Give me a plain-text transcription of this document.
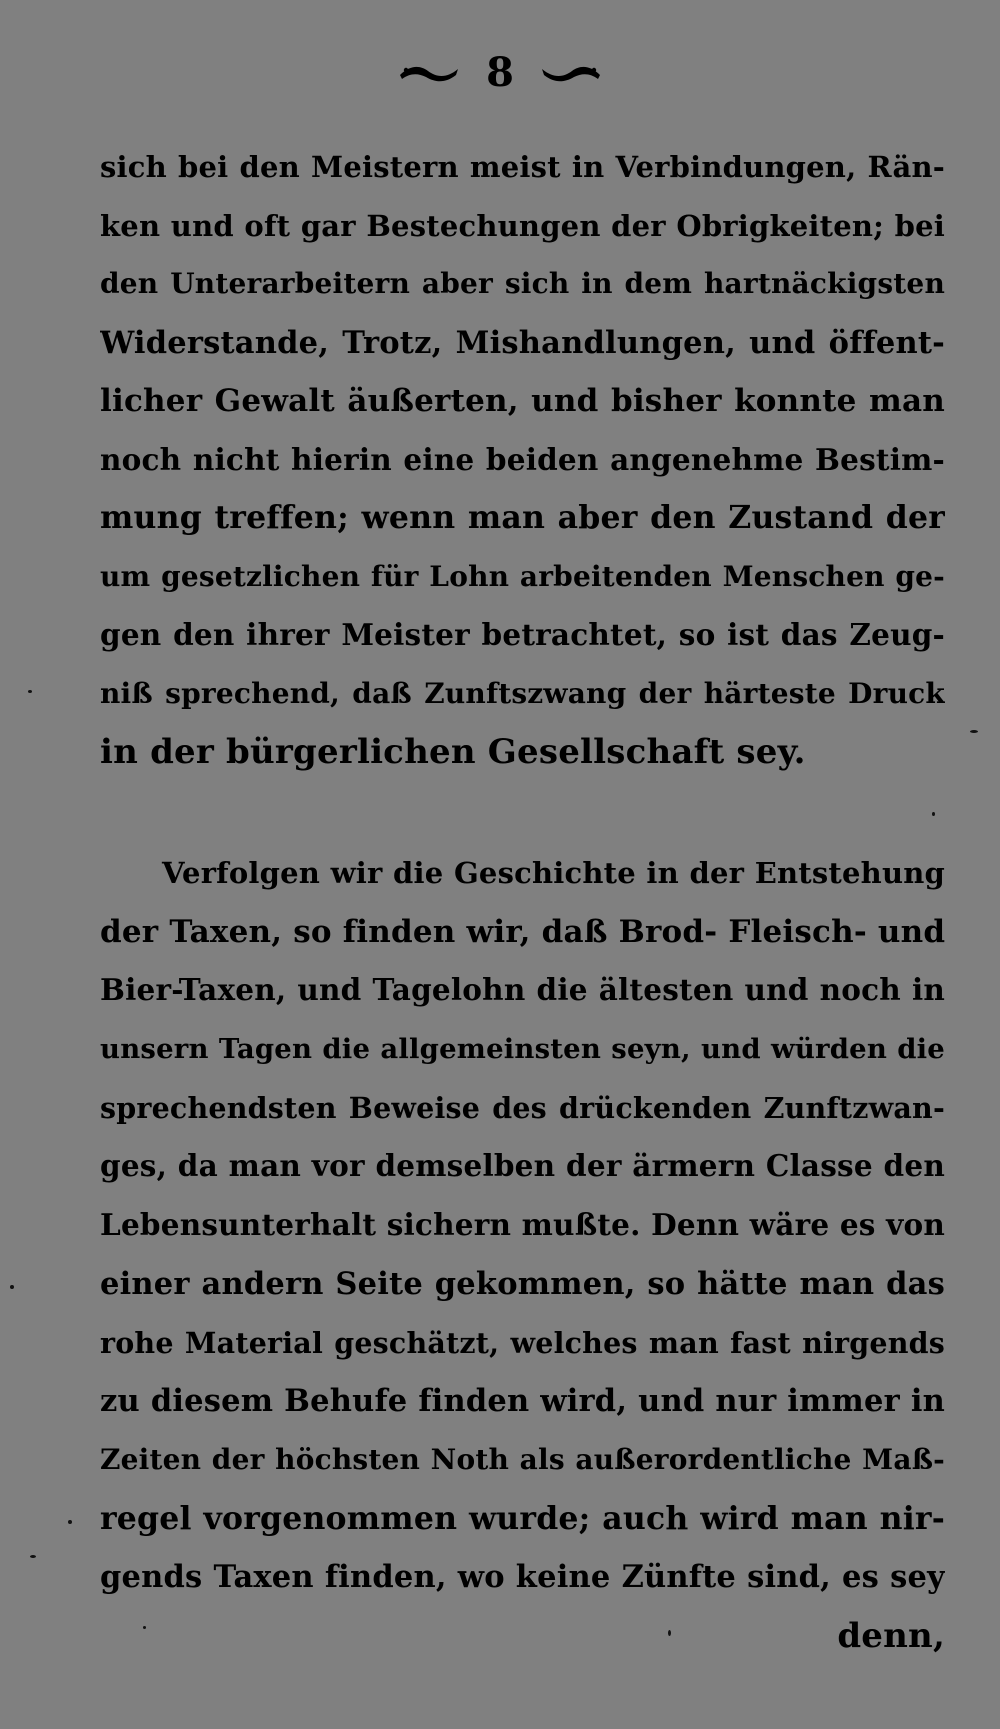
8
sich bei den Meistern meist in Verbindungen, Rän-
ken und oft gar Bestechungen der Obrigkeiten; bei
den Unterarbeitern aber sich in dem hartnäckigsten
Widerstande, Trotz, Mishandlungen, und öffent-
licher Gewalt äußerten, und bisher konnte man
noch nicht hierin eine beiden angenehme Bestim-
mung treffen; wenn man aber den Zustand der
um gesetzlichen für Lohn arbeitenden Menschen ge-
gen den ihrer Meister betrachtet, so ist das Zeug-
niß sprechend, daß Zunftszwang der härteste Druck
in der bürgerlichen Gesellschaft sey.
Verfolgen wir die Geschichte in der Entstehung
der Taxen, so finden wir, daß Brod- Fleisch- und
Bier-Taxen, und Tagelohn die ältesten und noch in
unsern Tagen die allgemeinsten seyn, und würden die
sprechendsten Beweise des drückenden Zunftzwan-
ges, da man vor demselben der ärmern Classe den
Lebensunterhalt sichern mußte. Denn wäre es von
einer andern Seite gekommen, so hätte man das
rohe Material geschätzt, welches man fast nirgends
zu diesem Behufe finden wird, und nur immer in
Zeiten der höchsten Noth als außerordentliche Maß-
regel vorgenommen wurde; auch wird man nir-
gends Taxen finden, wo keine Zünfte sind, es sey
denn,
